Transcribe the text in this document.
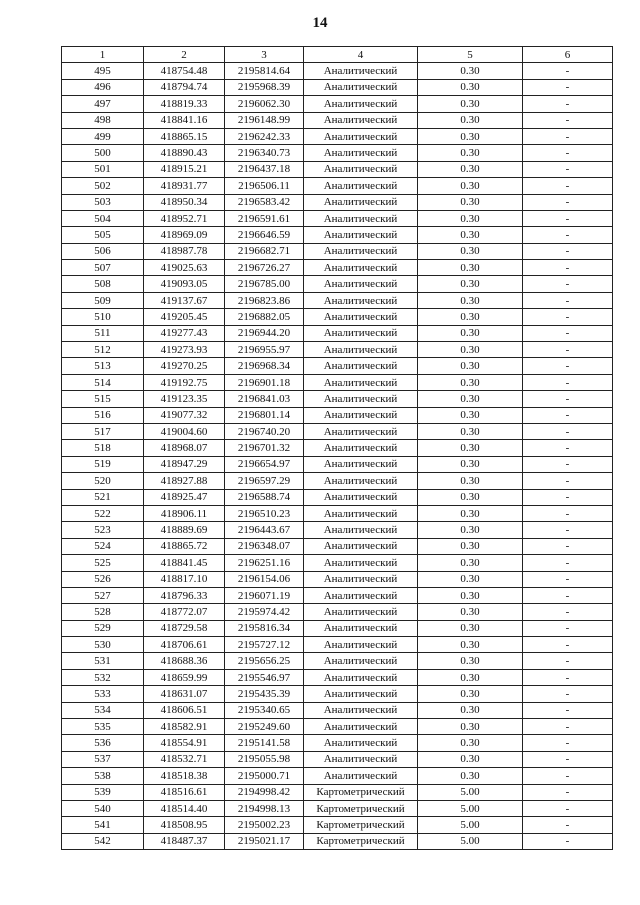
14
1	2	3	4	5	6
495	418754.48	2195814.64	Аналитический	0.30	-
496	418794.74	2195968.39	Аналитический	0.30	-
497	418819.33	2196062.30	Аналитический	0.30	-
498	418841.16	2196148.99	Аналитический	0.30	-
499	418865.15	2196242.33	Аналитический	0.30	-
500	418890.43	2196340.73	Аналитический	0.30	-
501	418915.21	2196437.18	Аналитический	0.30	-
502	418931.77	2196506.11	Аналитический	0.30	-
503	418950.34	2196583.42	Аналитический	0.30	-
504	418952.71	2196591.61	Аналитический	0.30	-
505	418969.09	2196646.59	Аналитический	0.30	-
506	418987.78	2196682.71	Аналитический	0.30	-
507	419025.63	2196726.27	Аналитический	0.30	-
508	419093.05	2196785.00	Аналитический	0.30	-
509	419137.67	2196823.86	Аналитический	0.30	-
510	419205.45	2196882.05	Аналитический	0.30	-
511	419277.43	2196944.20	Аналитический	0.30	-
512	419273.93	2196955.97	Аналитический	0.30	-
513	419270.25	2196968.34	Аналитический	0.30	-
514	419192.75	2196901.18	Аналитический	0.30	-
515	419123.35	2196841.03	Аналитический	0.30	-
516	419077.32	2196801.14	Аналитический	0.30	-
517	419004.60	2196740.20	Аналитический	0.30	-
518	418968.07	2196701.32	Аналитический	0.30	-
519	418947.29	2196654.97	Аналитический	0.30	-
520	418927.88	2196597.29	Аналитический	0.30	-
521	418925.47	2196588.74	Аналитический	0.30	-
522	418906.11	2196510.23	Аналитический	0.30	-
523	418889.69	2196443.67	Аналитический	0.30	-
524	418865.72	2196348.07	Аналитический	0.30	-
525	418841.45	2196251.16	Аналитический	0.30	-
526	418817.10	2196154.06	Аналитический	0.30	-
527	418796.33	2196071.19	Аналитический	0.30	-
528	418772.07	2195974.42	Аналитический	0.30	-
529	418729.58	2195816.34	Аналитический	0.30	-
530	418706.61	2195727.12	Аналитический	0.30	-
531	418688.36	2195656.25	Аналитический	0.30	-
532	418659.99	2195546.97	Аналитический	0.30	-
533	418631.07	2195435.39	Аналитический	0.30	-
534	418606.51	2195340.65	Аналитический	0.30	-
535	418582.91	2195249.60	Аналитический	0.30	-
536	418554.91	2195141.58	Аналитический	0.30	-
537	418532.71	2195055.98	Аналитический	0.30	-
538	418518.38	2195000.71	Аналитический	0.30	-
539	418516.61	2194998.42	Картометрический	5.00	-
540	418514.40	2194998.13	Картометрический	5.00	-
541	418508.95	2195002.23	Картометрический	5.00	-
542	418487.37	2195021.17	Картометрический	5.00	-
